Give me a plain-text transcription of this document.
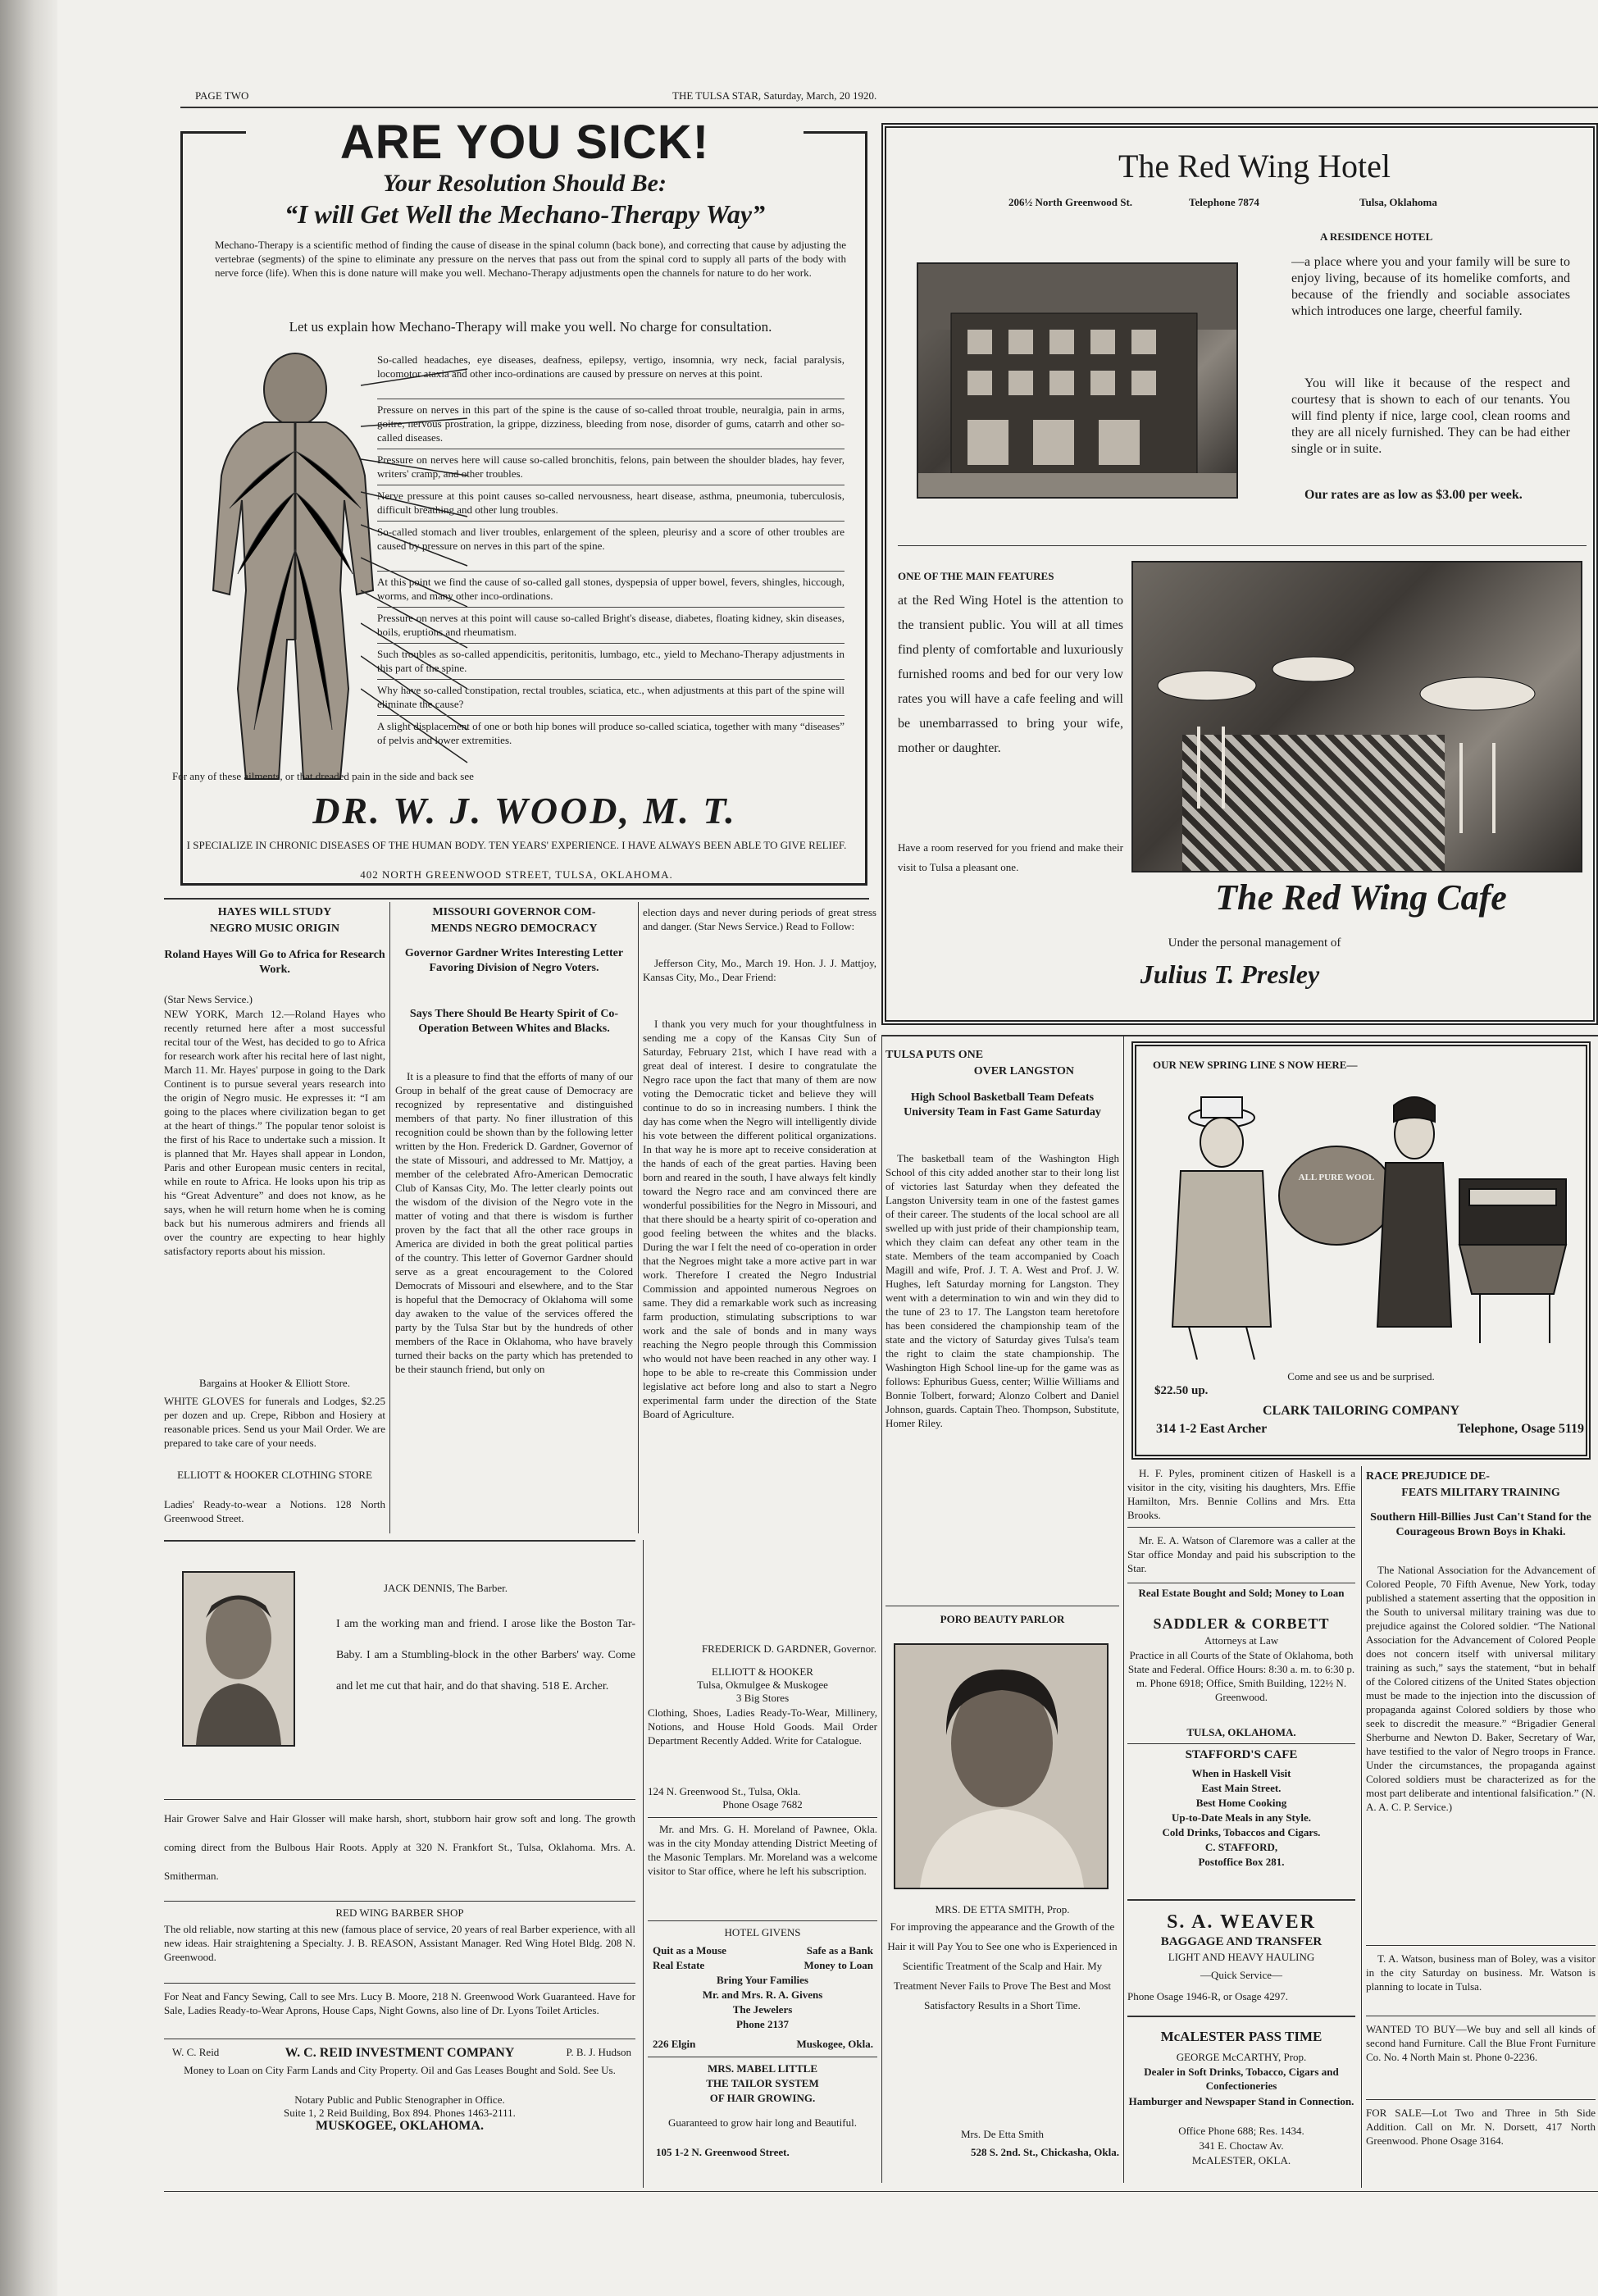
PAGE TWO	THE TULSA STAR, Saturday, March, 20 1920.
ARE YOU SICK!
Your Resolution Should Be:
“I will Get Well the Mechano-Therapy Way”
Mechano-Therapy is a scientific method of finding the cause of disease in the spinal column (back bone), and correcting that cause by adjusting the vertebrae (segments) of the spine to eliminate any pressure on the nerves that pass out from the spinal cord to supply all parts of the body with nerve force (life). When this is done nature will make you well. Mechano-Therapy adjustments open the channels for nature to do her work.
Let us explain how Mechano-Therapy will make you well. No charge for consultation.
So-called headaches, eye diseases, deafness, epilepsy, vertigo, insomnia, wry neck, facial paralysis, locomotor ataxia and other inco-ordinations are caused by pressure on nerves at this point.
Pressure on nerves in this part of the spine is the cause of so-called throat trouble, neuralgia, pain in arms, goitre, nervous prostration, la grippe, dizziness, bleeding from nose, disorder of gums, catarrh and other so-called diseases.
Pressure on nerves here will cause so-called bronchitis, felons, pain between the shoulder blades, hay fever, writers' cramp, and other troubles.
Nerve pressure at this point causes so-called nervousness, heart disease, asthma, pneumonia, tuberculosis, difficult breathing and other lung troubles.
So-called stomach and liver troubles, enlargement of the spleen, pleurisy and a score of other troubles are caused by pressure on nerves in this part of the spine.
At this point we find the cause of so-called gall stones, dyspepsia of upper bowel, fevers, shingles, hiccough, worms, and many other inco-ordinations.
Pressure on nerves at this point will cause so-called Bright's disease, diabetes, floating kidney, skin diseases, boils, eruptions and rheumatism.
Such troubles as so-called appendicitis, peritonitis, lumbago, etc., yield to Mechano-Therapy adjustments in this part of the spine.
Why have so-called constipation, rectal troubles, sciatica, etc., when adjustments at this part of the spine will eliminate the cause?
A slight displacement of one or both hip bones will produce so-called sciatica, together with many “diseases” of pelvis and lower extremities.
For any of these ailments, or that dreaded pain in the side and back see
DR. W. J. WOOD, M. T.
I SPECIALIZE IN CHRONIC DISEASES OF THE HUMAN BODY. TEN YEARS' EXPERIENCE. I HAVE ALWAYS BEEN ABLE TO GIVE RELIEF.
402 NORTH GREENWOOD STREET, TULSA, OKLAHOMA.
The Red Wing Hotel
206½ North Greenwood St.	Telephone 7874	Tulsa, Oklahoma
A RESIDENCE HOTEL
—a place where you and your family will be sure to enjoy living, because of its homelike comforts, and because of the friendly and sociable associates which introduces one large, cheerful family.
You will like it because of the respect and courtesy that is shown to each of our tenants. You will find plenty if nice, large cool, clean rooms and they are all nicely furnished. They can be had either single or in suite.
Our rates are as low as $3.00 per week.
ONE OF THE MAIN FEATURES
at the Red Wing Hotel is the attention to the transient public. You will at all times find plenty of comfortable and luxuriously furnished rooms and bed for our very low rates you will have a cafe feeling and will be unembarrassed to bring your wife, mother or daughter.
Have a room reserved for you friend and make their visit to Tulsa a pleasant one.
The Red Wing Cafe
Under the personal management of
Julius T. Presley
HAYES WILL STUDY
NEGRO MUSIC ORIGIN
Roland Hayes Will Go to Africa for Research Work.
(Star News Service.)
NEW YORK, March 12.—Roland Hayes who recently returned here after a most successful recital tour of the West, has decided to go to Africa for research work after his recital here of last night, March 11. Mr. Hayes' purpose in going to the Dark Continent is to pursue several years research into the origin of Negro music. He expresses it: “I am going to the places where civilization began to get at the heart of things.” The popular tenor soloist is the first of his Race to undertake such a mission. It is planned that Mr. Hayes shall appear in London, Paris and other European music centers in recital, while en route to Africa. He looks upon his trip as his “Great Adventure” and does not know, as he says, when he will return home when he is coming back but his numerous admirers and friends all over the country are expecting to hear highly satisfactory reports about his mission.
Bargains at Hooker & Elliott Store.
WHITE GLOVES for funerals and Lodges, $2.25 per dozen and up. Crepe, Ribbon and Hosiery at reasonable prices. Send us your Mail Order. We are prepared to take care of your needs.
ELLIOTT & HOOKER CLOTHING STORE
Ladies' Ready-to-wear a Notions. 128 North Greenwood Street.
MISSOURI GOVERNOR COM-
MENDS NEGRO DEMOCRACY
Governor Gardner Writes Interesting Letter Favoring Division of Negro Voters.
Says There Should Be Hearty Spirit of Co-Operation Between Whites and Blacks.
It is a pleasure to find that the efforts of many of our Group in behalf of the great cause of Democracy are recognized by representative and distinguished members of that party. No finer illustration of this recognition could be shown than by the following letter written by the Hon. Frederick D. Gardner, Governor of the state of Missouri, and addressed to Mr. Mattjoy, a member of the celebrated Afro-American Democratic Club of Kansas City, Mo. The letter clearly points out the wisdom of the division of the Negro vote in the matter of voting and that there is wisdom is further proven by the fact that all the other race groups in America are divided in both the great political parties of the country. This letter of Governor Gardner should serve as a great encouragement to the Colored Democrats of Missouri and elsewhere, and to the Star is hopeful that the Democracy of Oklahoma will some day awaken to the value of the services offered the party by the Tulsa Star but by the hundreds of other members of the Race in Oklahoma, who have bravely turned their backs on the party which has pretended to be their staunch friend, but only on
election days and never during periods of great stress and danger. (Star News Service.) Read to Follow:
Jefferson City, Mo., March 19. Hon. J. J. Mattjoy, Kansas City, Mo., Dear Friend:
I thank you very much for your thoughtfulness in sending me a copy of the Kansas City Sun of Saturday, February 21st, which I have read with a great deal of interest. I desire to congratulate the Negro race upon the fact that many of them are now voting the Democratic ticket and believe they will continue to do so in increasing numbers. I think the day has come when the Negro will intelligently divide his vote between the different political organizations. In that way he is more apt to receive consideration at the hands of each of the great parties. Having been born and reared in the south, I have always felt kindly toward the Negro race and am convinced there are wonderful possibilities for the Negro in Missouri, and that there should be a hearty spirit of co-operation and good feeling between the whites and the blacks. During the war I felt the need of co-operation in order that the Negroes might take a more active part in war work. Therefore I created the Negro Industrial Commission and appointed numerous Negroes on same. They did a remarkable work such as increasing farm production, stimulating subscriptions to war work and the sale of bonds and in many ways reaching the Negro people through this Commission who would not have been reached in any other way. I hope to be able to re-create this Commission under legislative act before long and also to start a Negro experimental farm under the direction of the State Board of Agriculture.
FREDERICK D. GARDNER, Governor.
JACK DENNIS, The Barber.
I am the working man and friend. I arose like the Boston Tar-Baby. I am a Stumbling-block in the other Barbers' way. Come and let me cut that hair, and do that shaving. 518 E. Archer.
Hair Grower Salve and Hair Glosser will make harsh, short, stubborn hair grow soft and long. The growth coming direct from the Bulbous Hair Roots. Apply at 320 N. Frankfort St., Tulsa, Oklahoma. Mrs. A. Smitherman.
RED WING BARBER SHOP
The old reliable, now starting at this new (famous place of service, 20 years of real Barber experience, with all new ideas. Hair straightening a Specialty. J. B. REASON, Assistant Manager. Red Wing Hotel Bldg. 208 N. Greenwood.
For Neat and Fancy Sewing, Call to see Mrs. Lucy B. Moore, 218 N. Greenwood Work Guaranteed. Have for Sale, Ladies Ready-to-Wear Aprons, House Caps, Night Gowns, also line of Dr. Lyons Toilet Articles.
W. C. Reid	P. B. J. Hudson
W. C. REID INVESTMENT COMPANY
Money to Loan on City Farm Lands and City Property. Oil and Gas Leases Bought and Sold. See Us.
Notary Public and Public Stenographer in Office.
Suite 1, 2 Reid Building, Box 894. Phones 1463-2111.
MUSKOGEE, OKLAHOMA.
ELLIOTT & HOOKER
Tulsa, Okmulgee & Muskogee
3 Big Stores
Clothing, Shoes, Ladies Ready-To-Wear, Millinery, Notions, and House Hold Goods. Mail Order Department Recently Added. Write for Catalogue.
124 N. Greenwood St., Tulsa, Okla.
Phone Osage 7682
Mr. and Mrs. G. H. Moreland of Pawnee, Okla. was in the city Monday attending District Meeting of the Masonic Templars. Mr. Moreland was a welcome visitor to Star office, where he left his subscription.
HOTEL GIVENS
Quit as a Mouse	Safe as a Bank
Real Estate	Money to Loan
Bring Your Families
Mr. and Mrs. R. A. Givens
The Jewelers
Phone 2137
226 Elgin	Muskogee, Okla.
MRS. MABEL LITTLE
THE TAILOR SYSTEM
OF HAIR GROWING.
Guaranteed to grow hair long and Beautiful.
105 1-2 N. Greenwood Street.
TULSA PUTS ONE
OVER LANGSTON
High School Basketball Team Defeats University Team in Fast Game Saturday
The basketball team of the Washington High School of this city added another star to their long list of victories last Saturday when they defeated the Langston University team in one of the fastest games of their career. The students of the local school are all swelled up with just pride of their championship team, which they claim can defeat any other team in the state. Members of the team accompanied by Coach Magill and wife, Prof. J. T. A. West and Prof. J. W. Hughes, left Saturday morning for Langston. They went with a determination to win and win they did to the tune of 23 to 17. The Langston team heretofore has been considered the championship team of the state and the victory of Saturday gives Tulsa's team the right to claim the state championship. The Washington High School line-up for the game was as follows: Ephuribus Guess, center; Willie Williams and Bonnie Tolbert, forward; Alonzo Colbert and Daniel Johnson, guards. Captain Theo. Thompson, Substitute, Homer Riley.
PORO BEAUTY PARLOR
MRS. DE ETTA SMITH, Prop.
For improving the appearance and the Growth of the Hair it will Pay You to See one who is Experienced in Scientific Treatment of the Scalp and Hair. My Treatment Never Fails to Prove The Best and Most Satisfactory Results in a Short Time.
Mrs. De Etta Smith
528 S. 2nd. St., Chickasha, Okla.
OUR NEW SPRING LINE S NOW HERE—
ALL PURE WOOL
Come and see us and be surprised.
$22.50 up.
CLARK TAILORING COMPANY
314 1-2 East Archer	Telephone, Osage 5119
H. F. Pyles, prominent citizen of Haskell is a visitor in the city, visiting his daughters, Mrs. Effie Hamilton, Mrs. Bennie Collins and Mrs. Etta Brooks.
Mr. E. A. Watson of Claremore was a caller at the Star office Monday and paid his subscription to the Star.
Real Estate Bought and Sold; Money to Loan
SADDLER & CORBETT
Attorneys at Law
Practice in all Courts of the State of Oklahoma, both State and Federal. Office Hours: 8:30 a. m. to 6:30 p. m. Phone 6918; Office, Smith Building, 122½ N. Greenwood.
TULSA, OKLAHOMA.
STAFFORD'S CAFE
When in Haskell Visit
East Main Street.
Best Home Cooking
Up-to-Date Meals in any Style.
Cold Drinks, Tobaccos and Cigars.
C. STAFFORD,
Postoffice Box 281.
S. A. WEAVER
BAGGAGE AND TRANSFER
LIGHT AND HEAVY HAULING
—Quick Service—
Phone Osage 1946-R, or Osage 4297.
McALESTER PASS TIME
GEORGE McCARTHY, Prop.
Dealer in Soft Drinks, Tobacco, Cigars and Confectioneries
Hamburger and Newspaper Stand in Connection.
Office Phone 688; Res. 1434.
341 E. Choctaw Av.
McALESTER, OKLA.
RACE PREJUDICE DE-
FEATS MILITARY TRAINING
Southern Hill-Billies Just Can't Stand for the Courageous Brown Boys in Khaki.
The National Association for the Advancement of Colored People, 70 Fifth Avenue, New York, today published a statement asserting that the opposition in the South to universal military training was due to prejudice against the Colored soldier. “The National Association for the Advancement of Colored People does not concern itself with universal military training as such,” says the statement, “but in behalf of the Colored citizens of the United States objection must be made to the injection into the discussion of propaganda against Colored soldiers by those who seek to discredit the measure.” “Brigadier General Sherburne and Newton D. Baker, Secretary of War, have testified to the valor of Negro troops in France. Under the circumstances, the propaganda against Colored soldiers must be characterized as for the most part deliberate and intentional falsification.” (N. A. A. C. P. Service.)
T. A. Watson, business man of Boley, was a visitor in the city Saturday on business. Mr. Watson is planning to locate in Tulsa.
WANTED TO BUY—We buy and sell all kinds of second hand Furniture. Call the Blue Front Furniture Co. No. 4 North Main st. Phone 0-2236.
FOR SALE—Lot Two and Three in 5th Side Addition. Call on Mr. N. Dorsett, 417 North Greenwood. Phone Osage 3164.
